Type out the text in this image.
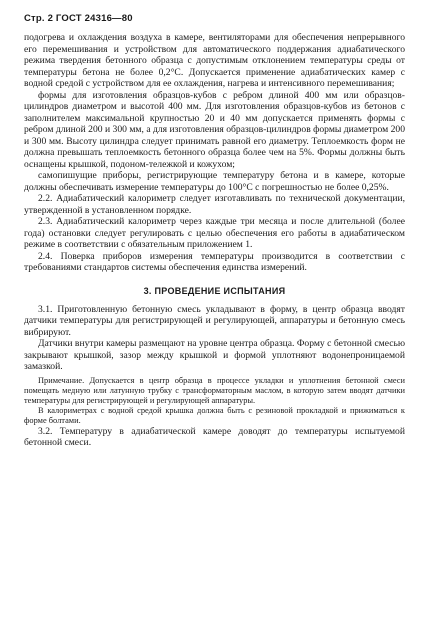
Стр. 2 ГОСТ 24316—80

подогрева и охлаждения воздуха в камере, вентиляторами для обеспечения непрерывного его перемешивания и устройством для автоматического поддержания адиабатического режима твердения бетонного образца с допустимым отклонением температуры среды от температуры бетона не более 0,2°С. Допускается применение адиабатических камер с водной средой с устройством для ее охлаждения, нагрева и интенсивного перемешивания;

формы для изготовления образцов-кубов с ребром длиной 400 мм или образцов-цилиндров диаметром и высотой 400 мм. Для изготовления образцов-кубов из бетонов с заполнителем максимальной крупностью 20 и 40 мм допускается применять формы с ребром длиной 200 и 300 мм, а для изготовления образцов-цилиндров формы диаметром 200 и 300 мм. Высоту цилиндра следует принимать равной его диаметру. Теплоемкость форм не должна превышать теплоемкость бетонного образца более чем на 5%. Формы должны быть оснащены крышкой, подоном-тележкой и кожухом;

самопишущие приборы, регистрирующие температуру бетона и в камере, которые должны обеспечивать измерение температуры до 100°С с погрешностью не более 0,25%.

2.2. Адиабатический калориметр следует изготавливать по технической документации, утвержденной в установленном порядке.

2.3. Адиабатический калориметр через каждые три месяца и после длительной (более года) остановки следует регулировать с целью обеспечения его работы в адиабатическом режиме в соответствии с обязательным приложением 1.

2.4. Поверка приборов измерения температуры производится в соответствии с требованиями стандартов системы обеспечения единства измерений.

3. ПРОВЕДЕНИЕ ИСПЫТАНИЯ

3.1. Приготовленную бетонную смесь укладывают в форму, в центр образца вводят датчики температуры для регистрирующей и регулирующей, аппаратуры и бетонную смесь вибрируют.

Датчики внутри камеры размещают на уровне центра образца. Форму с бетонной смесью закрывают крышкой, зазор между крышкой и формой уплотняют водонепроницаемой замазкой.

Примечание. Допускается в центр образца в процессе укладки и уплотнения бетонной смеси помещать медную или латунную трубку с трансформаторным маслом, в которую затем вводят датчики температуры для регистрирующей и регулирующей аппаратуры.

В калориметрах с водной средой крышка должна быть с резиновой прокладкой и прижиматься к форме болтами.

3.2. Температуру в адиабатической камере доводят до температуры испытуемой бетонной смеси.
